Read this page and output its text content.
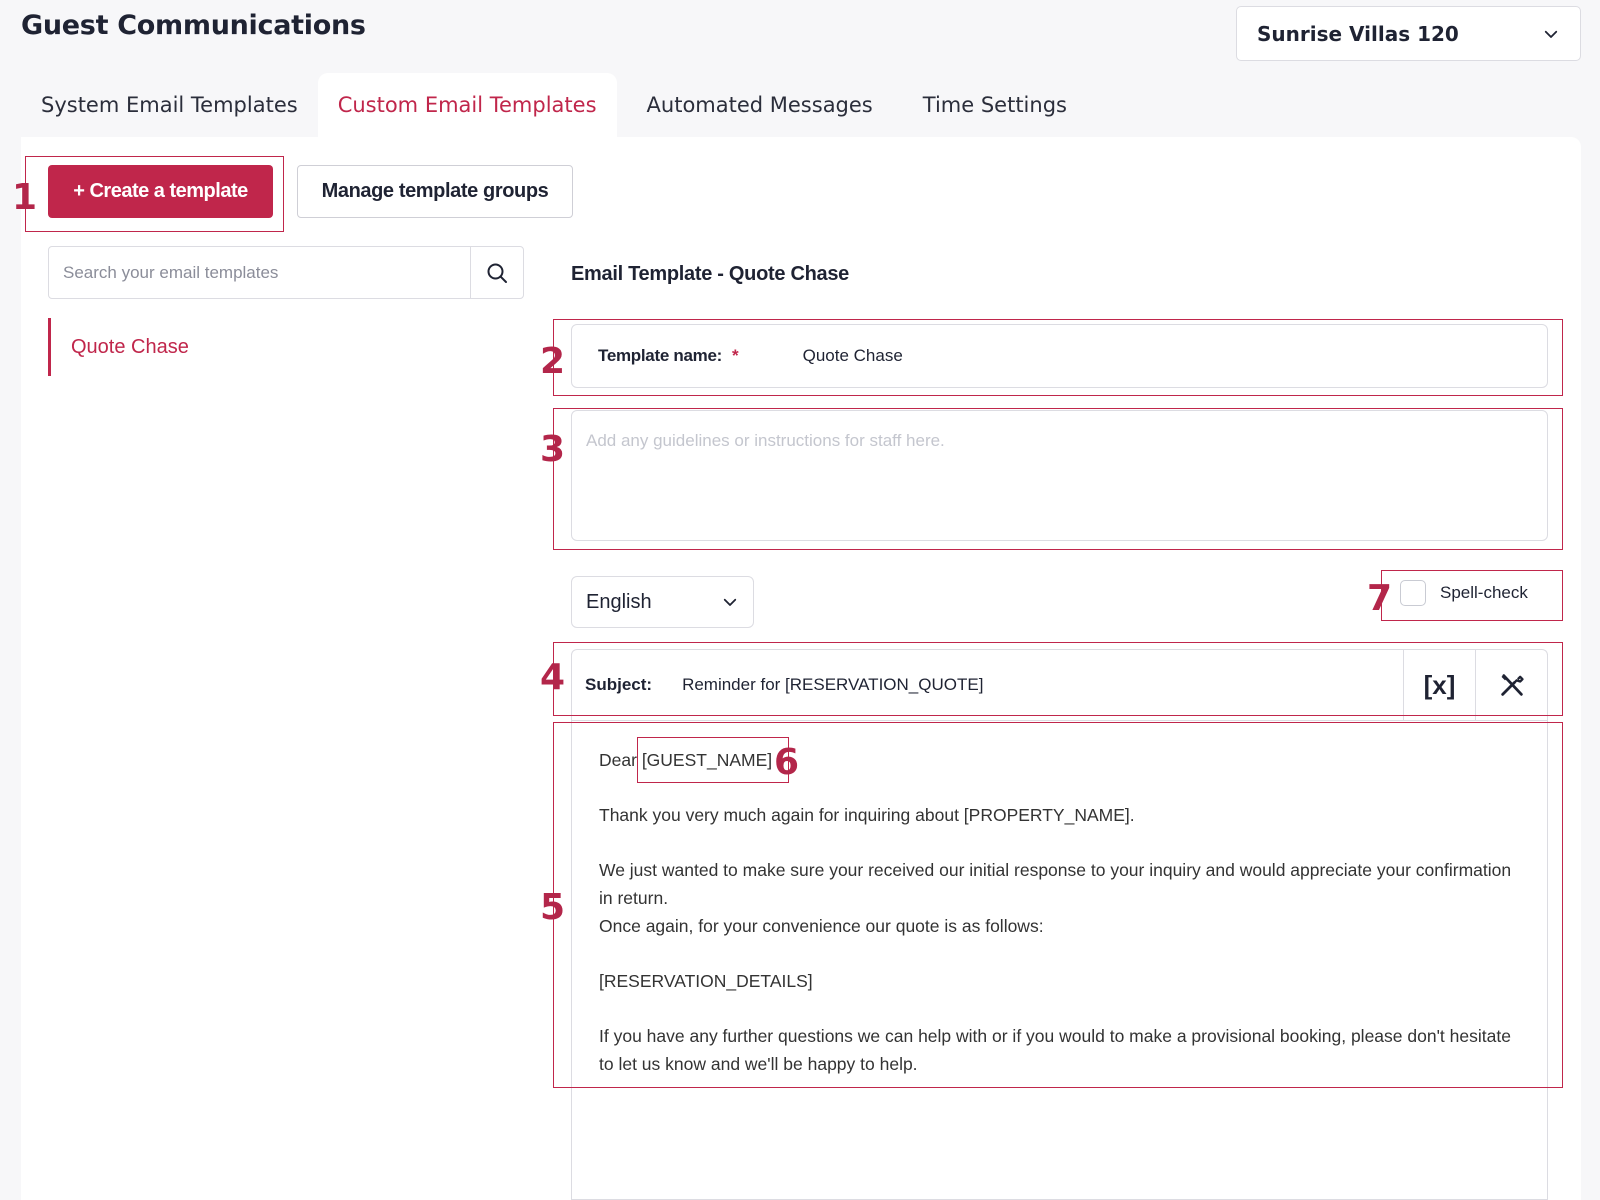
Guest Communications	Sunrise Villas 120
System Email Templates	Custom Email Templates	Automated Messages	Time Settings
+ Create a template	Manage template groups
Search your email templates
Quote Chase
Email Template - Quote Chase
Template name: *
Quote Chase
Add any guidelines or instructions for staff here.
English	Spell-check
Subject:
Reminder for [RESERVATION_QUOTE]	[x]

Dear [GUEST_NAME]

Thank you very much again for inquiring about [PROPERTY_NAME].

We just wanted to make sure your received our initial response to your inquiry and would appreciate your confirmation in return.

Once again, for your convenience our quote is as follows:

[RESERVATION_DETAILS]

If you have any further questions we can help with or if you would to make a provisional booking, please don't hesitate to let us know and we'll be happy to help.

1
2
3
4
5
6
7
